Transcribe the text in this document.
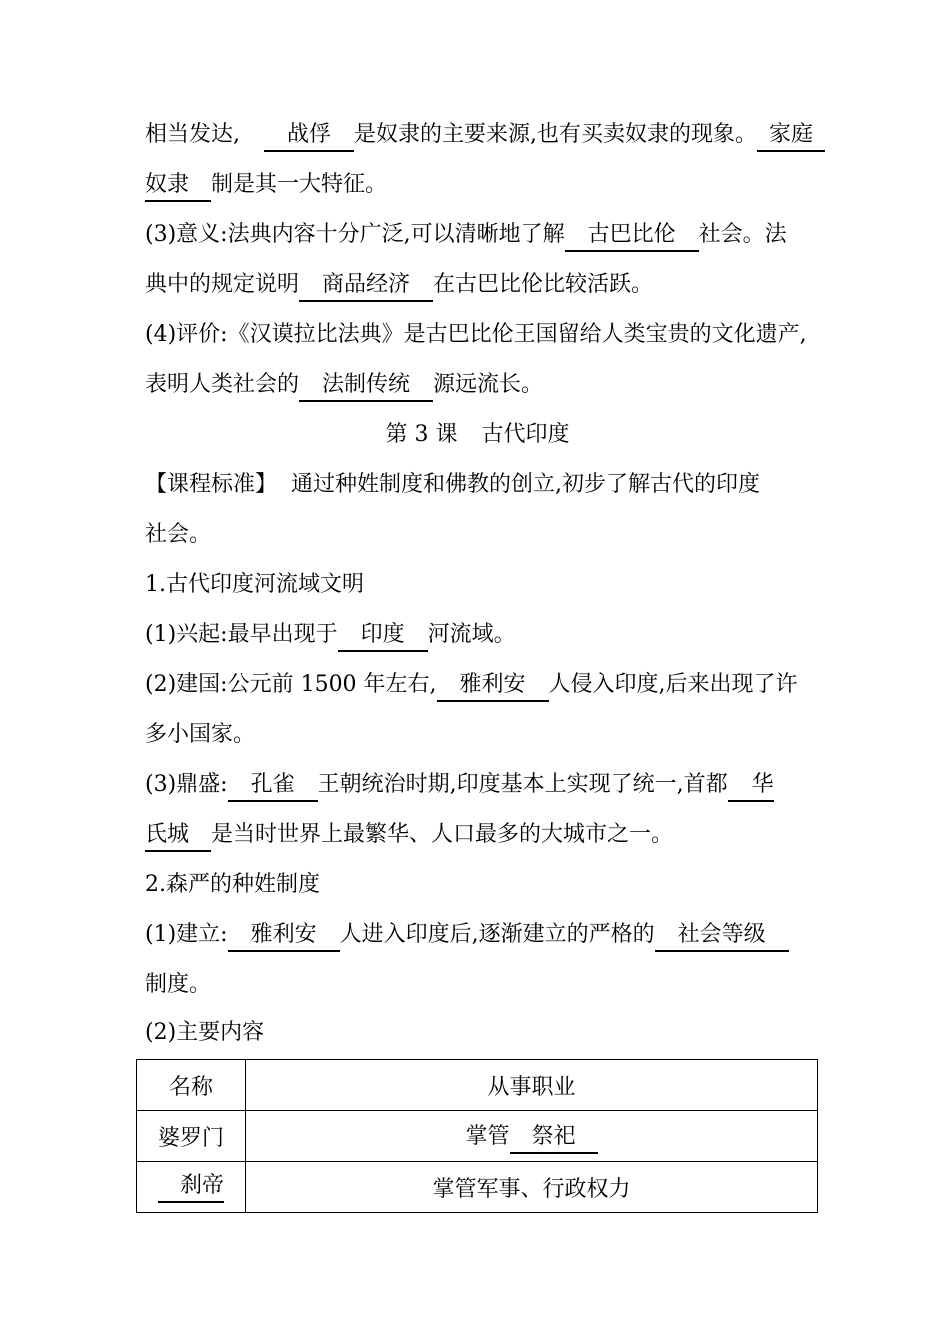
相当发达, 战俘 是奴隶的主要来源,也有买卖奴隶的现象。 家庭
奴隶 制是其一大特征。
(3)意义:法典内容十分广泛,可以清晰地了解 古巴比伦 社会。法
典中的规定说明 商品经济 在古巴比伦比较活跃。
(4)评价:《汉谟拉比法典》是古巴比伦王国留给人类宝贵的文化遗产,
表明人类社会的 法制传统 源远流长。
第 3 课 古代印度
【课程标准】 通过种姓制度和佛教的创立,初步了解古代的印度
社会。
1.古代印度河流域文明
(1)兴起:最早出现于 印度 河流域。
(2)建国:公元前 1500 年左右, 雅利安 人侵入印度,后来出现了许
多小国家。
(3)鼎盛: 孔雀 王朝统治时期,印度基本上实现了统一,首都 华
氏城 是当时世界上最繁华、人口最多的大城市之一。
2.森严的种姓制度
(1)建立: 雅利安 人进入印度后,逐渐建立的严格的 社会等级
制度。
(2)主要内容
名称	从事职业
婆罗门	掌管 祭祀
刹帝	掌管军事、行政权力
